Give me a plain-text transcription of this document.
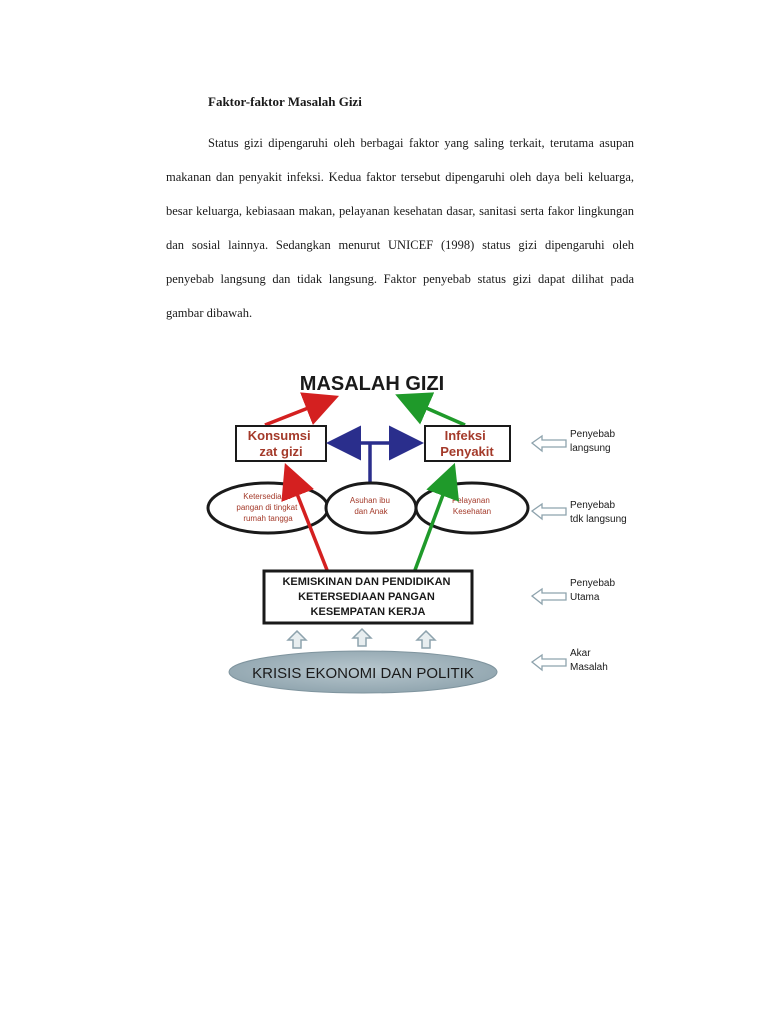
Faktor-faktor Masalah Gizi
Status gizi dipengaruhi oleh berbagai faktor yang saling terkait, terutama asupan makanan dan penyakit infeksi. Kedua faktor tersebut dipengaruhi oleh daya beli keluarga, besar keluarga, kebiasaan makan, pelayanan kesehatan dasar, sanitasi serta fakor lingkungan dan sosial lainnya. Sedangkan menurut UNICEF (1998) status gizi dipengaruhi oleh penyebab langsung dan tidak langsung. Faktor penyebab status gizi dapat dilihat pada gambar dibawah.
MASALAH GIZI
Konsumsi zat gizi
Infeksi Penyakit
Ketersediaan pangan di tingkat rumah tangga
Asuhan ibu dan Anak
Pelayanan Kesehatan
KEMISKINAN DAN PENDIDIKAN KETERSEDIAAN PANGAN KESEMPATAN KERJA
KRISIS EKONOMI DAN POLITIK
Penyebab langsung
Penyebab tdk langsung
Penyebab Utama
Akar Masalah
